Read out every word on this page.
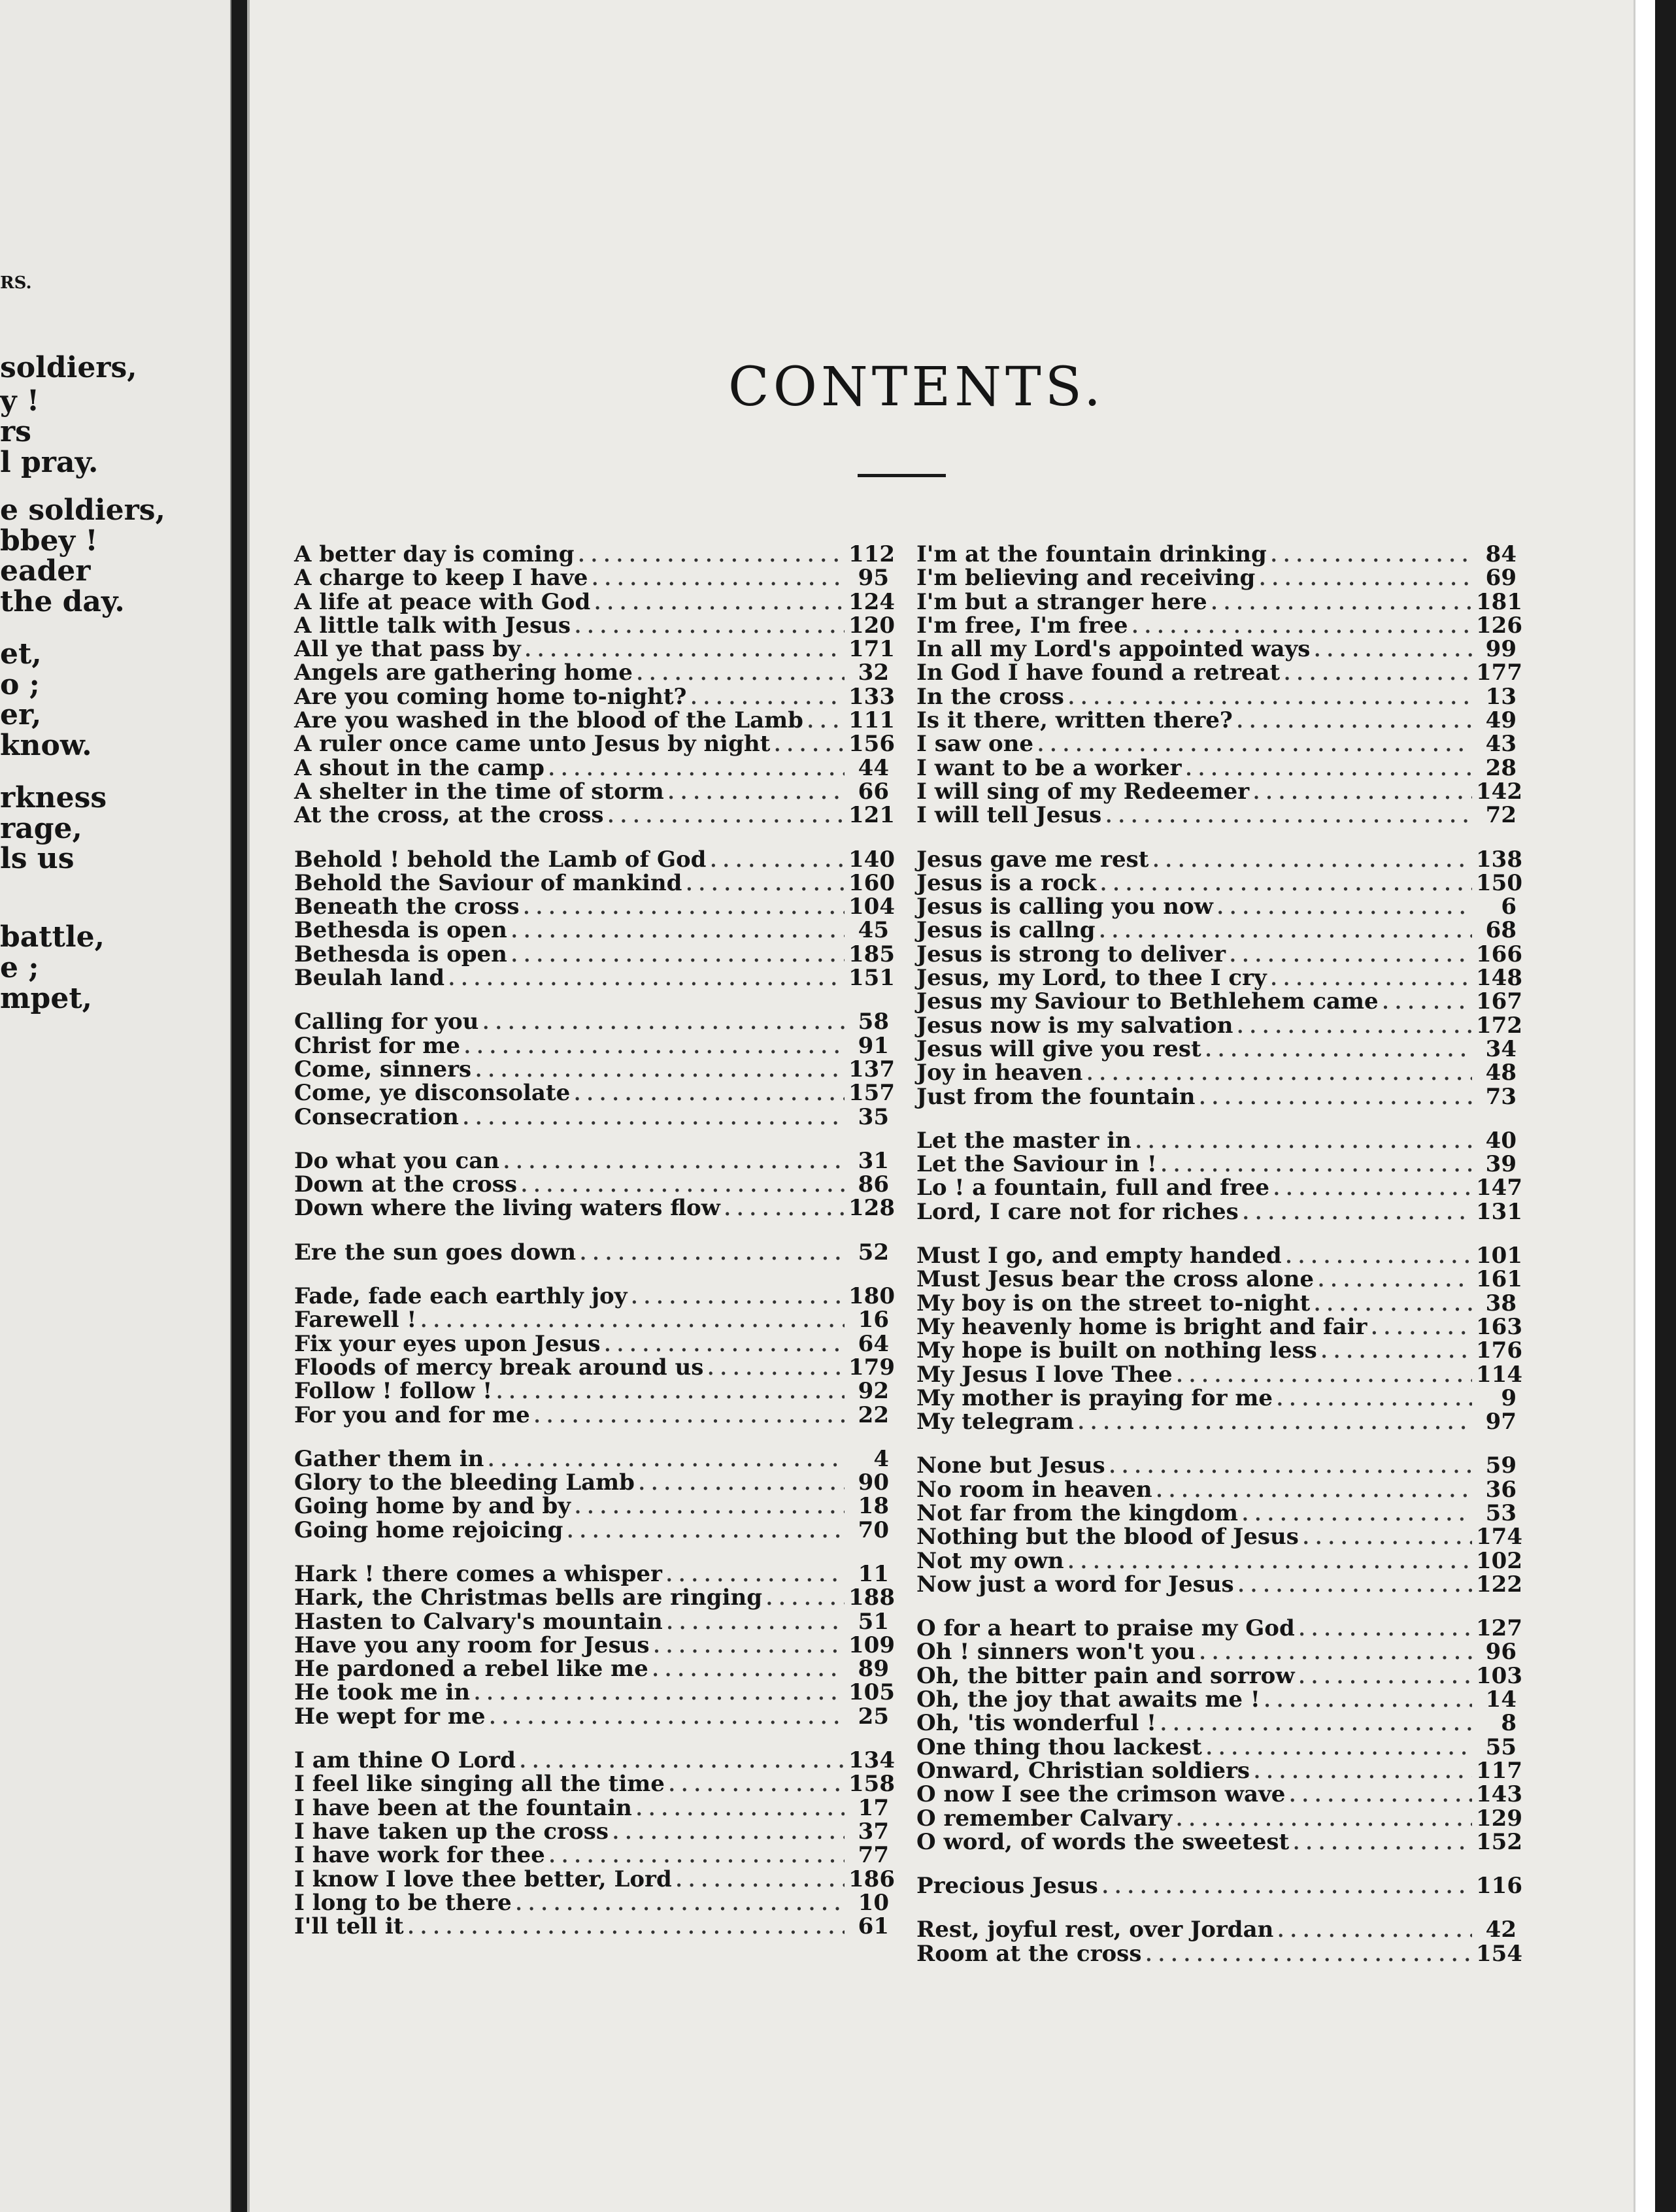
RS.

soldiers,

y !

rs

l pray.

e soldiers,

bbey !

eader

the day.

et,

o ;

er,

know.

rkness

rage,

ls us

battle,

e ;

mpet,

CONTENTS.
A better day is coming . . .	112
A charge to keep I have . . .	95
A life at peace with God . . .	124
A little talk with Jesus . . .	120
All ye that pass by . . .	171
Angels are gathering home . . .	32
Are you coming home to-night? . . .	133
Are you washed in the blood of the Lamb . . . 111
A ruler once came unto Jesus by night . . .	156
A shout in the camp . . .	44
A shelter in the time of storm . . .	66
At the cross, at the cross . . .	121
Behold ! behold the Lamb of God . . .	140
Behold the Saviour of mankind . . .	160
Beneath the cross . . .	104
Bethesda is open . . .	45
Bethesda is open . . .	185
Beulah land . . .	151
Calling for you . . .	58
Christ for me . . .	91
Come, sinners . . .	137
Come, ye disconsolate . . .	157
Consecration . . .	35
Do what you can . . .	31
Down at the cross . . .	86
Down where the living waters flow . . .	128
Ere the sun goes down . . .	52
Fade, fade each earthly joy . . .	180
Farewell ! . . .	16
Fix your eyes upon Jesus . . .	64
Floods of mercy break around us . . .	179
Follow ! follow ! . . .	92
For you and for me . . .	22
Gather them in . . .	4
Glory to the bleeding Lamb . . .	90
Going home by and by . . .	18
Going home rejoicing . . .	70
Hark ! there comes a whisper . . .	11
Hark, the Christmas bells are ringing . . .	188
Hasten to Calvary's mountain . . .	51
Have you any room for Jesus . . .	109
He pardoned a rebel like me . . .	89
He took me in . . .	105
He wept for me . . .	25
I am thine O Lord . . .	134
I feel like singing all the time . . .	158
I have been at the fountain . . .	17
I have taken up the cross . . .	37
I have work for thee . . .	77
I know I love thee better, Lord . . .	186
I long to be there . . .	10
I'll tell it . . .	61
I'm at the fountain drinking . . .	84
I'm believing and receiving . . .	69
I'm but a stranger here . . .	181
I'm free, I'm free . . .	126
In all my Lord's appointed ways . . .	99
In God I have found a retreat . . .	177
In the cross . . .	13
Is it there, written there? . . .	49
I saw one . . .	43
I want to be a worker . . .	28
I will sing of my Redeemer . . .	142
I will tell Jesus . . .	72
Jesus gave me rest . . .	138
Jesus is a rock . . .	150
Jesus is calling you now . . .	6
Jesus is callng . . .	68
Jesus is strong to deliver . . .	166
Jesus, my Lord, to thee I cry . . .	148
Jesus my Saviour to Bethlehem came . . .	167
Jesus now is my salvation . . .	172
Jesus will give you rest . . .	34
Joy in heaven . . .	48
Just from the fountain . . .	73
Let the master in . . .	40
Let the Saviour in ! . . .	39
Lo ! a fountain, full and free . . .	147
Lord, I care not for riches . . .	131
Must I go, and empty handed . . .	101
Must Jesus bear the cross alone . . .	161
My boy is on the street to-night . . .	38
My heavenly home is bright and fair . . .	163
My hope is built on nothing less . . .	176
My Jesus I love Thee . . .	114
My mother is praying for me . . .	9
My telegram . . .	97
None but Jesus . . .	59
No room in heaven . . .	36
Not far from the kingdom . . .	53
Nothing but the blood of Jesus . . .	174
Not my own . . .	102
Now just a word for Jesus . . .	122
O for a heart to praise my God . . .	127
Oh ! sinners won't you . . .	96
Oh, the bitter pain and sorrow . . .	103
Oh, the joy that awaits me ! . . .	14
Oh, 'tis wonderful ! . . .	8
One thing thou lackest . . .	55
Onward, Christian soldiers . . .	117
O now I see the crimson wave . . .	143
O remember Calvary . . .	129
O word, of words the sweetest . . .	152
Precious Jesus . . .	116
Rest, joyful rest, over Jordan . . .	42
Room at the cross . . .	154
